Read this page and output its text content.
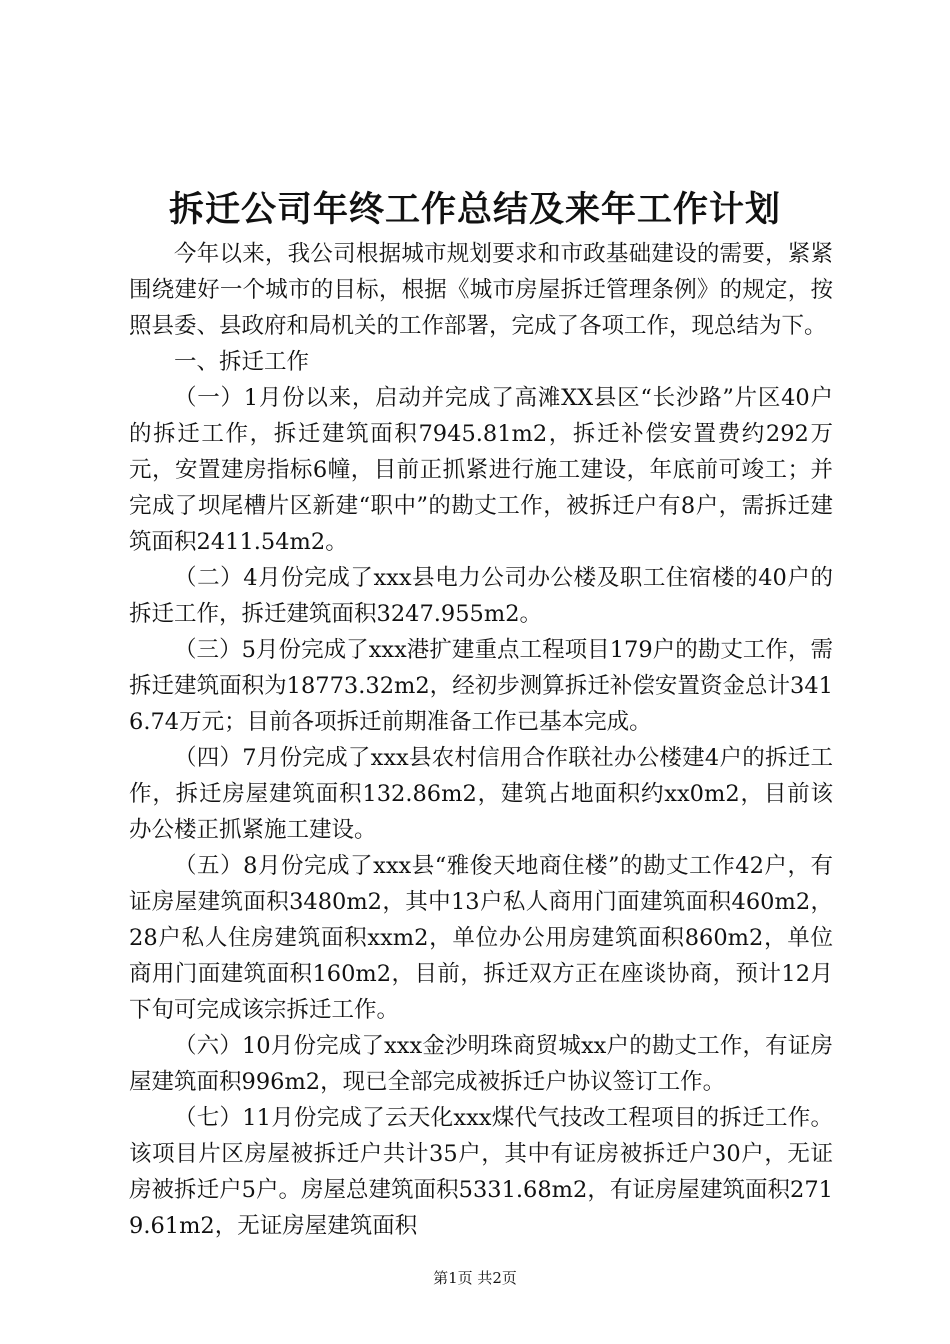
拆迁公司年终工作总结及来年工作计划

今年以来，我公司根据城市规划要求和市政基础建设的需要，紧紧围绕建好一个城市的目标，根据《城市房屋拆迁管理条例》的规定，按照县委、县政府和局机关的工作部署，完成了各项工作，现总结为下。

一、拆迁工作

（一）1月份以来，启动并完成了高滩XX县区“长沙路”片区40户的拆迁工作，拆迁建筑面积7945.81m2，拆迁补偿安置费约292万元，安置建房指标6幢，目前正抓紧进行施工建设，年底前可竣工；并完成了坝尾槽片区新建“职中”的勘丈工作，被拆迁户有8户，需拆迁建筑面积2411.54m2。

（二）4月份完成了xxx县电力公司办公楼及职工住宿楼的40户的拆迁工作，拆迁建筑面积3247.955m2。

（三）5月份完成了xxx港扩建重点工程项目179户的勘丈工作，需拆迁建筑面积为18773.32m2，经初步测算拆迁补偿安置资金总计3416.74万元；目前各项拆迁前期准备工作已基本完成。

（四）7月份完成了xxx县农村信用合作联社办公楼建4户的拆迁工作，拆迁房屋建筑面积132.86m2，建筑占地面积约xx0m2，目前该办公楼正抓紧施工建设。

（五）8月份完成了xxx县“雅俊天地商住楼”的勘丈工作42户，有证房屋建筑面积3480m2，其中13户私人商用门面建筑面积460m2，28户私人住房建筑面积xxm2，单位办公用房建筑面积860m2，单位商用门面建筑面积160m2，目前，拆迁双方正在座谈协商，预计12月下旬可完成该宗拆迁工作。

（六）10月份完成了xxx金沙明珠商贸城xx户的勘丈工作，有证房屋建筑面积996m2，现已全部完成被拆迁户协议签订工作。

（七）11月份完成了云天化xxx煤代气技改工程项目的拆迁工作。该项目片区房屋被拆迁户共计35户，其中有证房被拆迁户30户，无证房被拆迁户5户。房屋总建筑面积5331.68m2，有证房屋建筑面积2719.61m2，无证房屋建筑面积

第1页 共2页
